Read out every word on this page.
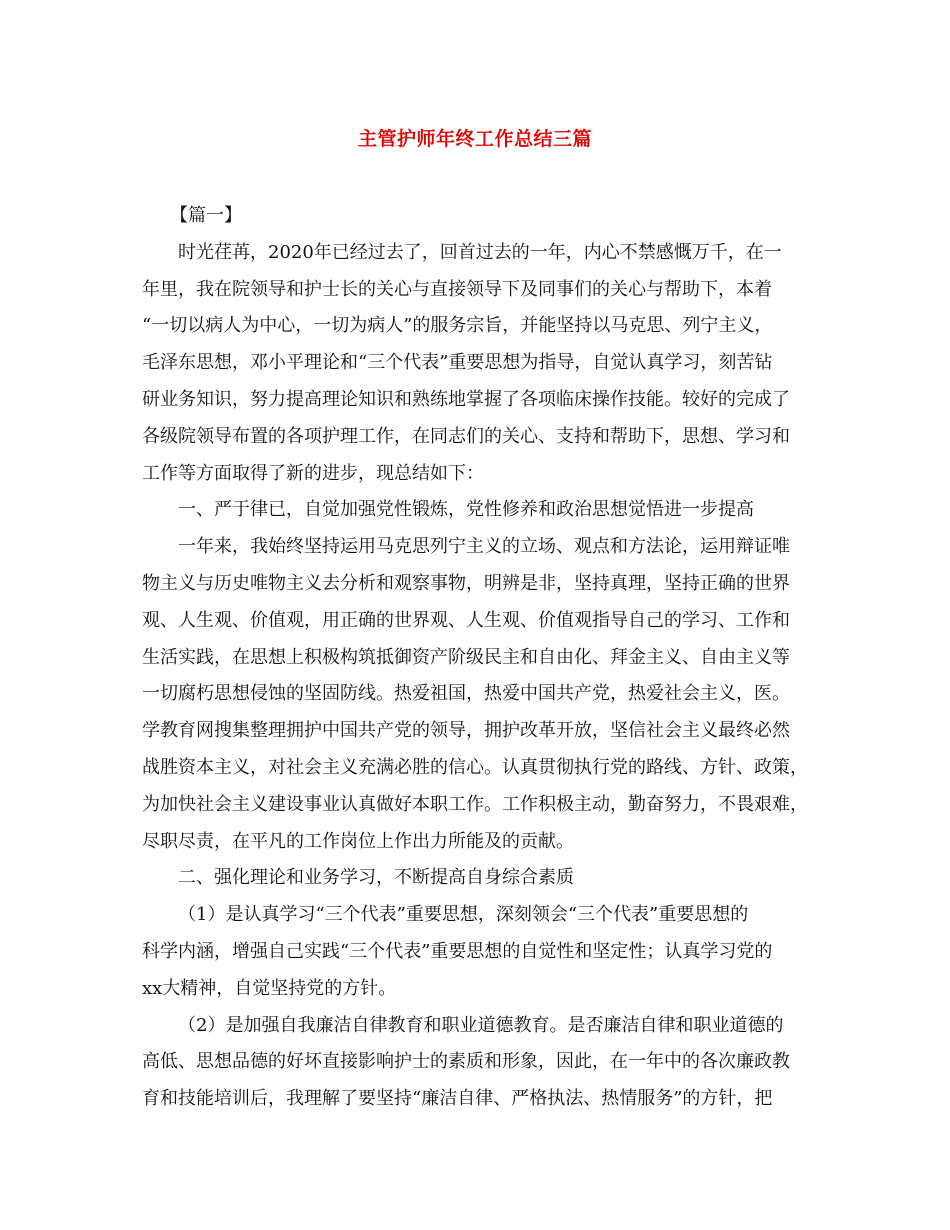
主管护师年终工作总结三篇
【篇一】
时光荏苒，2020年已经过去了，回首过去的一年，内心不禁感慨万千，在一
年里，我在院领导和护士长的关心与直接领导下及同事们的关心与帮助下，本着
“一切以病人为中心，一切为病人”的服务宗旨，并能坚持以马克思、列宁主义，
毛泽东思想，邓小平理论和“三个代表”重要思想为指导，自觉认真学习，刻苦钻
研业务知识，努力提高理论知识和熟练地掌握了各项临床操作技能。较好的完成了
各级院领导布置的各项护理工作，在同志们的关心、支持和帮助下，思想、学习和
工作等方面取得了新的进步，现总结如下：
一、严于律已，自觉加强党性锻炼，党性修养和政治思想觉悟进一步提高
一年来，我始终坚持运用马克思列宁主义的立场、观点和方法论，运用辩证唯
物主义与历史唯物主义去分析和观察事物，明辨是非，坚持真理，坚持正确的世界
观、人生观、价值观，用正确的世界观、人生观、价值观指导自己的学习、工作和
生活实践，在思想上积极构筑抵御资产阶级民主和自由化、拜金主义、自由主义等
一切腐朽思想侵蚀的坚固防线。热爱祖国，热爱中国共产党，热爱社会主义，医。
学教育网搜集整理拥护中国共产党的领导，拥护改革开放，坚信社会主义最终必然
战胜资本主义，对社会主义充满必胜的信心。认真贯彻执行党的路线、方针、政策，
为加快社会主义建设事业认真做好本职工作。工作积极主动，勤奋努力，不畏艰难，
尽职尽责，在平凡的工作岗位上作出力所能及的贡献。
二、强化理论和业务学习，不断提高自身综合素质
（1）是认真学习“三个代表”重要思想，深刻领会“三个代表”重要思想的
科学内涵，增强自己实践“三个代表”重要思想的自觉性和坚定性；认真学习党的
xx大精神，自觉坚持党的方针。
（2）是加强自我廉洁自律教育和职业道德教育。是否廉洁自律和职业道德的
高低、思想品德的好坏直接影响护士的素质和形象，因此，在一年中的各次廉政教
育和技能培训后，我理解了要坚持“廉洁自律、严格执法、热情服务”的方针，把
